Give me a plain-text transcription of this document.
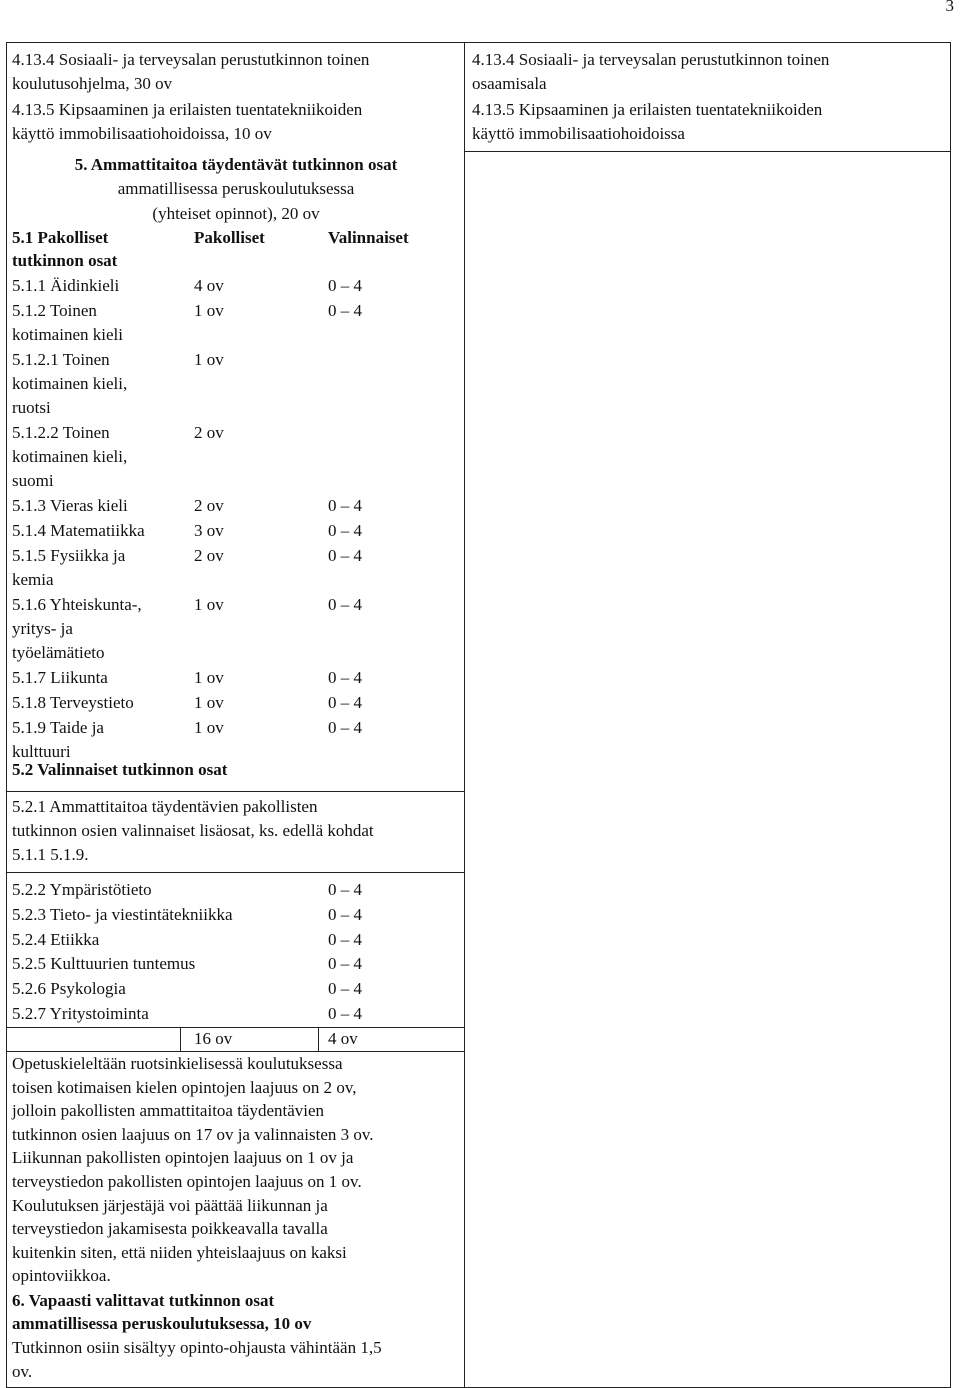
3
4.13.4 Sosiaali- ja terveysalan perustutkinnon toinen
koulutusohjelma, 30 ov
4.13.5 Kipsaaminen ja erilaisten tuentatekniikoiden
käyttö immobilisaatiohoidoissa, 10 ov
5. Ammattitaitoa täydentävät tutkinnon osat
ammatillisessa peruskoulutuksessa
(yhteiset opinnot), 20 ov
5.1 Pakolliset
tutkinnon osat
Pakolliset	Valinnaiset
5.1.1 Äidinkieli	4 ov	0 – 4
5.1.2 Toinen
kotimainen kieli
1 ov	0 – 4
5.1.2.1 Toinen
kotimainen kieli,
ruotsi
1 ov
5.1.2.2 Toinen
kotimainen kieli,
suomi
2 ov
5.1.3 Vieras kieli	2 ov	0 – 4
5.1.4 Matematiikka	3 ov	0 – 4
5.1.5 Fysiikka ja
kemia
2 ov	0 – 4
5.1.6 Yhteiskunta-,
yritys- ja
työelämätieto
1 ov	0 – 4
5.1.7 Liikunta	1 ov	0 – 4
5.1.8 Terveystieto	1 ov	0 – 4
5.1.9 Taide ja
kulttuuri
1 ov	0 – 4
5.2 Valinnaiset tutkinnon osat
5.2.1 Ammattitaitoa täydentävien pakollisten
tutkinnon osien valinnaiset lisäosat, ks. edellä kohdat
5.1.1 5.1.9.
5.2.2 Ympäristötieto	0 – 4
5.2.3 Tieto- ja viestintätekniikka	0 – 4
5.2.4 Etiikka	0 – 4
5.2.5 Kulttuurien tuntemus	0 – 4
5.2.6 Psykologia	0 – 4
5.2.7 Yritystoiminta	0 – 4
16 ov	4 ov
Opetuskieleltään ruotsinkielisessä koulutuksessa
toisen kotimaisen kielen opintojen laajuus on 2 ov,
jolloin pakollisten ammattitaitoa täydentävien
tutkinnon osien laajuus on 17 ov ja valinnaisten 3 ov.
Liikunnan pakollisten opintojen laajuus on 1 ov ja
terveystiedon pakollisten opintojen laajuus on 1 ov.
Koulutuksen järjestäjä voi päättää liikunnan ja
terveystiedon jakamisesta poikkeavalla tavalla
kuitenkin siten, että niiden yhteislaajuus on kaksi
opintoviikkoa.
6. Vapaasti valittavat tutkinnon osat
ammatillisessa peruskoulutuksessa, 10 ov
Tutkinnon osiin sisältyy opinto-ohjausta vähintään 1,5
ov.
4.13.4 Sosiaali- ja terveysalan perustutkinnon toinen
osaamisala
4.13.5 Kipsaaminen ja erilaisten tuentatekniikoiden
käyttö immobilisaatiohoidoissa
